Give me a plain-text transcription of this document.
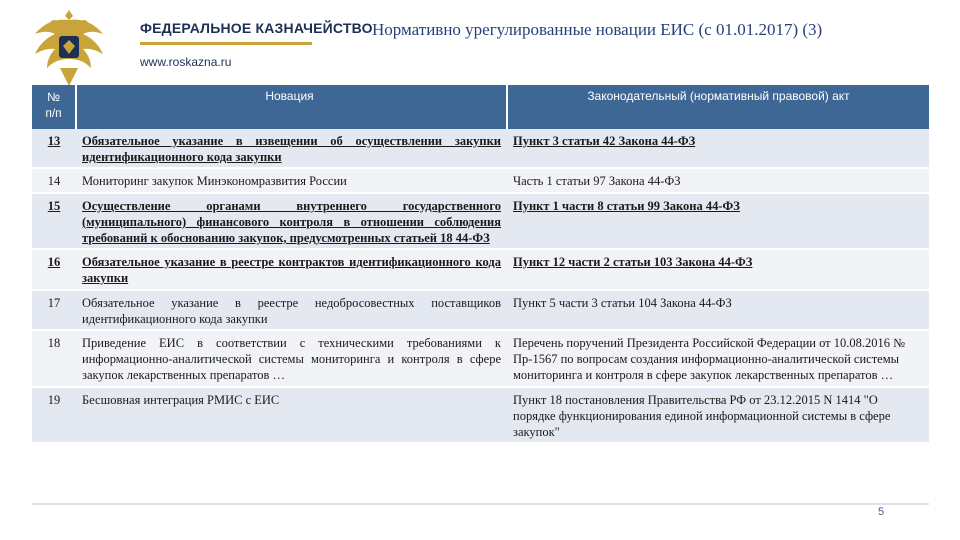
ФЕДЕРАЛЬНОЕ КАЗНАЧЕЙСТВО
www.roskazna.ru
Нормативно урегулированные новации ЕИС (с 01.01.2017) (3)
№
п/п	Новация	Законодательный (нормативный правовой) акт
13	Обязательное указание в извещении об осуществлении закупки идентификационного кода закупки	Пункт 3 статьи 42 Закона 44-ФЗ
14	Мониторинг закупок Минэкономразвития России	Часть 1 статьи 97 Закона 44-ФЗ
15	Осуществление органами внутреннего государственного (муниципального) финансового контроля в отношении соблюдения требований к обоснованию закупок, предусмотренных статьей 18 44-ФЗ	Пункт 1 части 8 статьи 99 Закона 44-ФЗ
16	Обязательное указание в реестре контрактов идентификационного кода закупки	Пункт 12 части 2 статьи 103 Закона 44-ФЗ
17	Обязательное указание в реестре недобросовестных поставщиков идентификационного кода закупки	Пункт 5 части 3 статьи 104 Закона 44-ФЗ
18	Приведение ЕИС в соответствии с техническими требованиями к информационно-аналитической системы мониторинга и контроля в сфере закупок лекарственных препаратов …	Перечень поручений Президента Российской Федерации от 10.08.2016 № Пр-1567 по вопросам создания информационно-аналитической системы мониторинга и контроля в сфере закупок лекарственных препаратов …
19	Бесшовная интеграция РМИС с ЕИС	Пункт 18 постановления Правительства РФ от 23.12.2015 N 1414 "О порядке функционирования единой информационной системы в сфере закупок"
5
